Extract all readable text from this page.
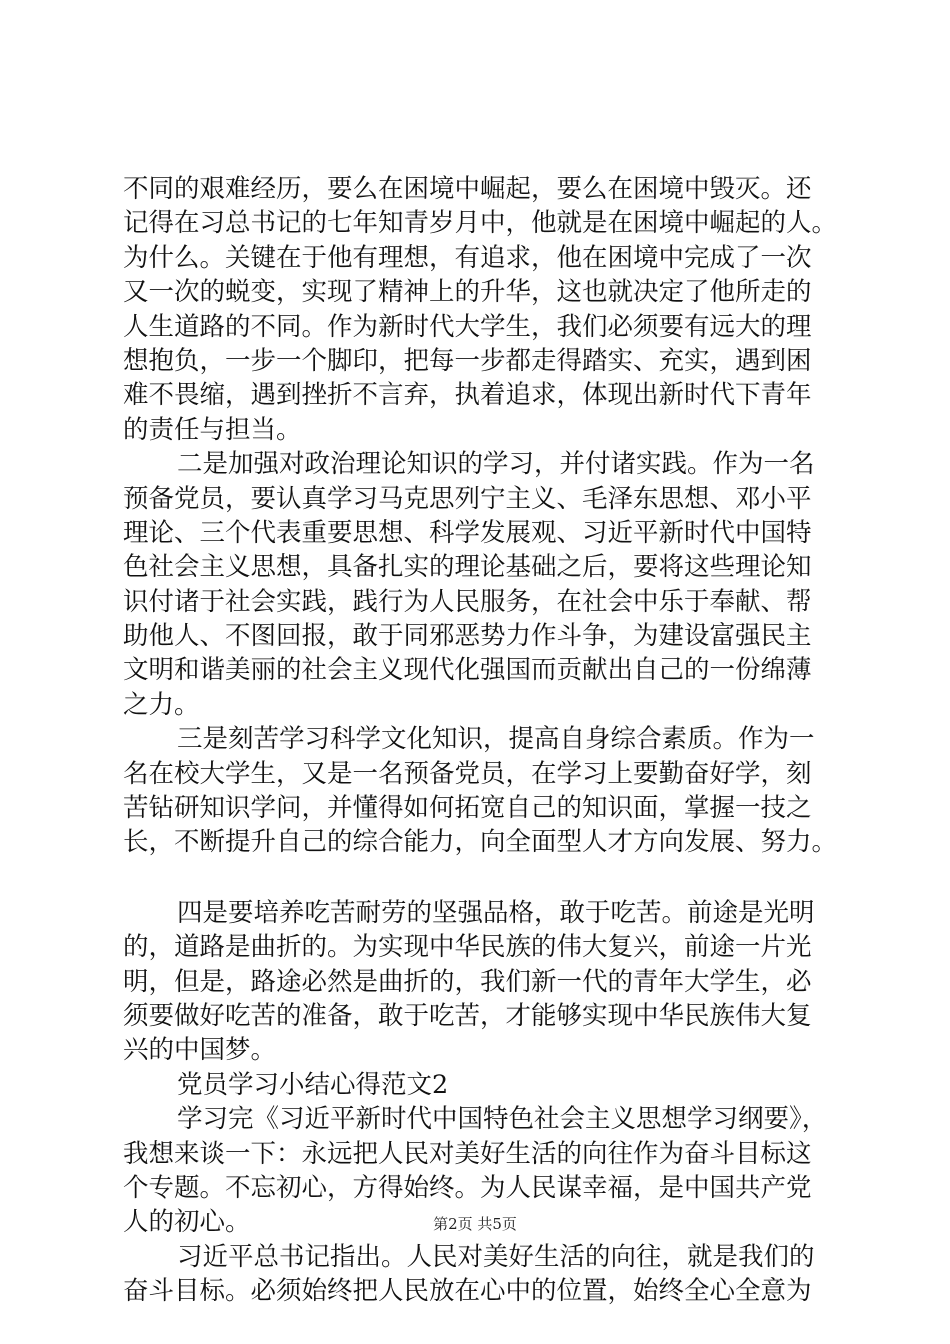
不同的艰难经历，要么在困境中崛起，要么在困境中毁灭。还
记得在习总书记的七年知青岁月中，他就是在困境中崛起的人。
为什么。关键在于他有理想，有追求，他在困境中完成了一次
又一次的蜕变，实现了精神上的升华，这也就决定了他所走的
人生道路的不同。作为新时代大学生，我们必须要有远大的理
想抱负，一步一个脚印，把每一步都走得踏实、充实，遇到困
难不畏缩，遇到挫折不言弃，执着追求，体现出新时代下青年
的责任与担当。
二是加强对政治理论知识的学习，并付诸实践。作为一名
预备党员，要认真学习马克思列宁主义、毛泽东思想、邓小平
理论、三个代表重要思想、科学发展观、习近平新时代中国特
色社会主义思想，具备扎实的理论基础之后，要将这些理论知
识付诸于社会实践，践行为人民服务，在社会中乐于奉献、帮
助他人、不图回报，敢于同邪恶势力作斗争，为建设富强民主
文明和谐美丽的社会主义现代化强国而贡献出自己的一份绵薄
之力。
三是刻苦学习科学文化知识，提高自身综合素质。作为一
名在校大学生，又是一名预备党员，在学习上要勤奋好学，刻
苦钻研知识学问，并懂得如何拓宽自己的知识面，掌握一技之
长，不断提升自己的综合能力，向全面型人才方向发展、努力。
四是要培养吃苦耐劳的坚强品格，敢于吃苦。前途是光明
的，道路是曲折的。为实现中华民族的伟大复兴，前途一片光
明，但是，路途必然是曲折的，我们新一代的青年大学生，必
须要做好吃苦的准备，敢于吃苦，才能够实现中华民族伟大复
兴的中国梦。
党员学习小结心得范文2
学习完《习近平新时代中国特色社会主义思想学习纲要》，
我想来谈一下：永远把人民对美好生活的向往作为奋斗目标这
个专题。不忘初心，方得始终。为人民谋幸福，是中国共产党
人的初心。
习近平总书记指出。人民对美好生活的向往，就是我们的
奋斗目标。必须始终把人民放在心中的位置，始终全心全意为
第2页 共5页
